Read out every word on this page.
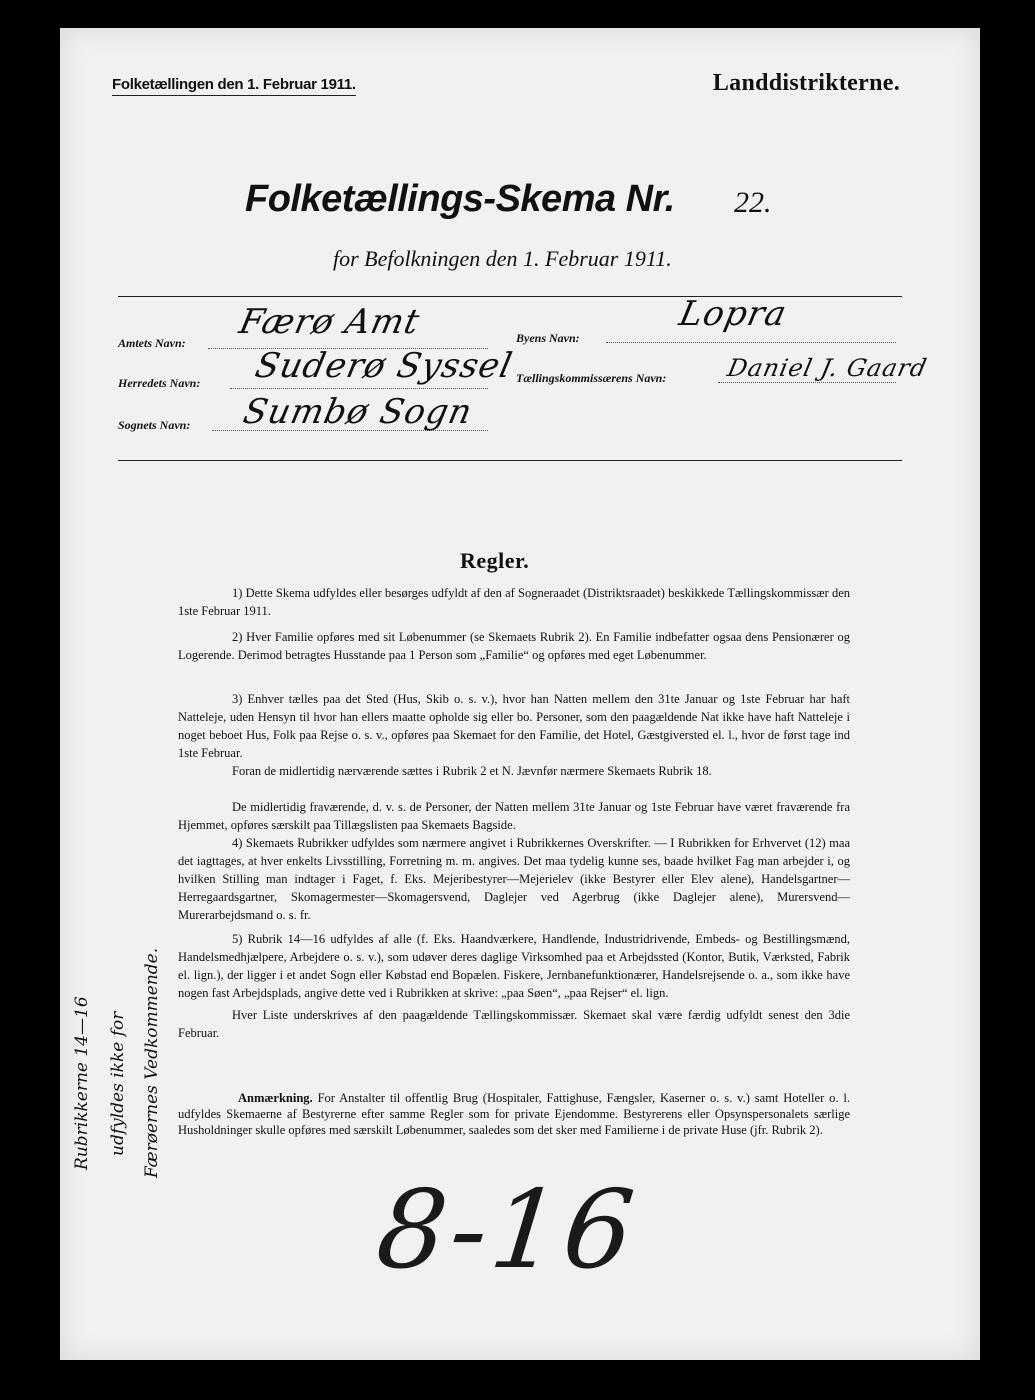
Folketællingen den 1. Februar 1911.	Landdistrikterne.
Folketællings-Skema Nr. 22.
for Befolkningen den 1. Februar 1911.
Amtets Navn:
Færø Amt
Herredets Navn: Suderø Syssel
Sognets Navn: Sumbø Sogn
Byens Navn:
Lopra
Tællingskommissærens Navn: Daniel J. Gaard
Regler.
1) Dette Skema udfyldes eller besørges udfyldt af den af Sogneraadet (Distriktsraadet) beskikkede Tællingskommissær den 1ste Februar 1911.
2) Hver Familie opføres med sit Løbenummer (se Skemaets Rubrik 2). En Familie indbefatter ogsaa dens Pensionærer og Logerende. Derimod betragtes Husstande paa 1 Person som „Familie“ og opføres med eget Løbenummer.
3) Enhver tælles paa det Sted (Hus, Skib o. s. v.), hvor han Natten mellem den 31te Januar og 1ste Februar har haft Natteleje, uden Hensyn til hvor han ellers maatte opholde sig eller bo. Personer, som den paagældende Nat ikke have haft Natteleje i noget beboet Hus, Folk paa Rejse o. s. v., opføres paa Skemaet for den Familie, det Hotel, Gæstgiversted el. l., hvor de først tage ind 1ste Februar.
Foran de midlertidig nærværende sættes i Rubrik 2 et N. Jævnfør nærmere Skemaets Rubrik 18.
De midlertidig fraværende, d. v. s. de Personer, der Natten mellem 31te Januar og 1ste Februar have været fraværende fra Hjemmet, opføres særskilt paa Tillægslisten paa Skemaets Bagside.
4) Skemaets Rubrikker udfyldes som nærmere angivet i Rubrikkernes Overskrifter. — I Rubrikken for Erhvervet (12) maa det iagttages, at hver enkelts Livsstilling, Forretning m. m. angives. Det maa tydelig kunne ses, baade hvilket Fag man arbejder i, og hvilken Stilling man indtager i Faget, f. Eks. Mejeribestyrer—Mejerielev (ikke Bestyrer eller Elev alene), Handelsgartner—Herregaardsgartner, Skomagermester—Skomagersvend, Daglejer ved Agerbrug (ikke Daglejer alene), Murersvend—Murerarbejdsmand o. s. fr.
5) Rubrik 14—16 udfyldes af alle (f. Eks. Haandværkere, Handlende, Industridrivende, Embeds- og Bestillingsmænd, Handelsmedhjælpere, Arbejdere o. s. v.), som udøver deres daglige Virksomhed paa et Arbejdssted (Kontor, Butik, Værksted, Fabrik el. lign.), der ligger i et andet Sogn eller Købstad end Bopælen. Fiskere, Jernbanefunktionærer, Handelsrejsende o. a., som ikke have nogen fast Arbejdsplads, angive dette ved i Rubrikken at skrive: „paa Søen“, „paa Rejser“ el. lign.
Hver Liste underskrives af den paagældende Tællingskommissær. Skemaet skal være færdig udfyldt senest den 3die Februar.
Anmærkning. For Anstalter til offentlig Brug (Hospitaler, Fattighuse, Fængsler, Kaserner o. s. v.) samt Hoteller o. l. udfyldes Skemaerne af Bestyrerne efter samme Regler som for private Ejendomme. Bestyrerens eller Opsynspersonalets særlige Husholdninger skulle opføres med særskilt Løbenummer, saaledes som det sker med Familierne i de private Huse (jfr. Rubrik 2).
Rubrikkerne 14—16 udfyldes ikke for Færøernes Vedkommende.
8-16
